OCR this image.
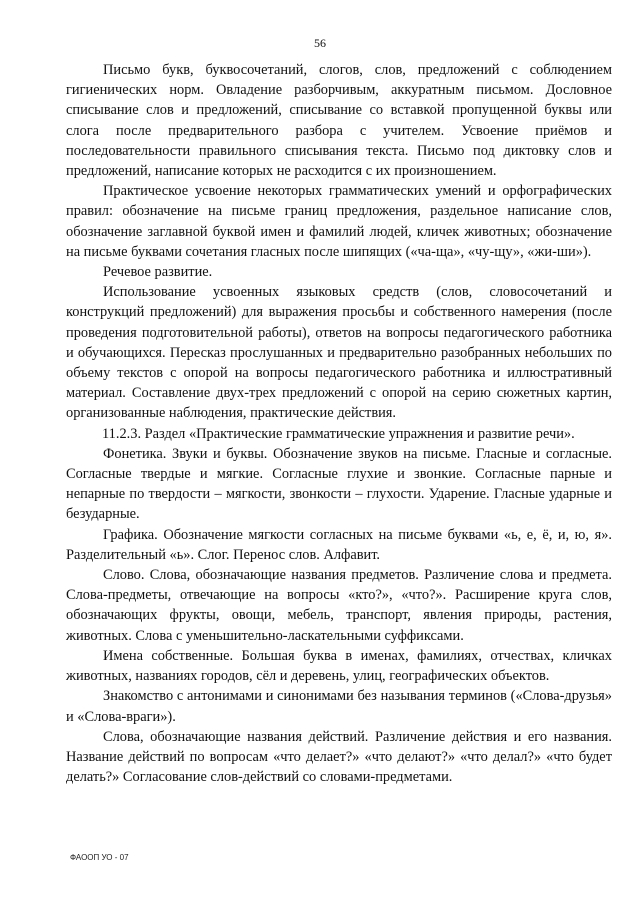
56

Письмо букв, буквосочетаний, слогов, слов, предложений с соблюдением гигиенических норм. Овладение разборчивым, аккуратным письмом. Дословное списывание слов и предложений, списывание со вставкой пропущенной буквы или слога после предварительного разбора с учителем. Усвоение приёмов и последовательности правильного списывания текста. Письмо под диктовку слов и предложений, написание которых не расходится с их произношением.

Практическое усвоение некоторых грамматических умений и орфографических правил: обозначение на письме границ предложения, раздельное написание слов, обозначение заглавной буквой имен и фамилий людей, кличек животных; обозначение на письме буквами сочетания гласных после шипящих («ча-ща», «чу-щу», «жи-ши»).

Речевое развитие.

Использование усвоенных языковых средств (слов, словосочетаний и конструкций предложений) для выражения просьбы и собственного намерения (после проведения подготовительной работы), ответов на вопросы педагогического работника и обучающихся. Пересказ прослушанных и предварительно разобранных небольших по объему текстов с опорой на вопросы педагогического работника и иллюстративный материал. Составление двух-трех предложений с опорой на серию сюжетных картин, организованные наблюдения, практические действия.

11.2.3. Раздел «Практические грамматические упражнения и развитие речи».

Фонетика. Звуки и буквы. Обозначение звуков на письме. Гласные и согласные. Согласные твердые и мягкие. Согласные глухие и звонкие. Согласные парные и непарные по твердости – мягкости, звонкости – глухости. Ударение. Гласные ударные и безударные.

Графика. Обозначение мягкости согласных на письме буквами «ь, е, ё, и, ю, я». Разделительный «ь». Слог. Перенос слов. Алфавит.

Слово. Слова, обозначающие названия предметов. Различение слова и предмета. Слова-предметы, отвечающие на вопросы «кто?», «что?». Расширение круга слов, обозначающих фрукты, овощи, мебель, транспорт, явления природы, растения, животных. Слова с уменьшительно-ласкательными суффиксами.

Имена собственные. Большая буква в именах, фамилиях, отчествах, кличках животных, названиях городов, сёл и деревень, улиц, географических объектов.

Знакомство с антонимами и синонимами без называния терминов («Слова-друзья» и «Слова-враги»).

Слова, обозначающие названия действий. Различение действия и его названия. Название действий по вопросам «что делает?» «что делают?» «что делал?» «что будет делать?» Согласование слов-действий со словами-предметами.

ФАООП УО - 07
